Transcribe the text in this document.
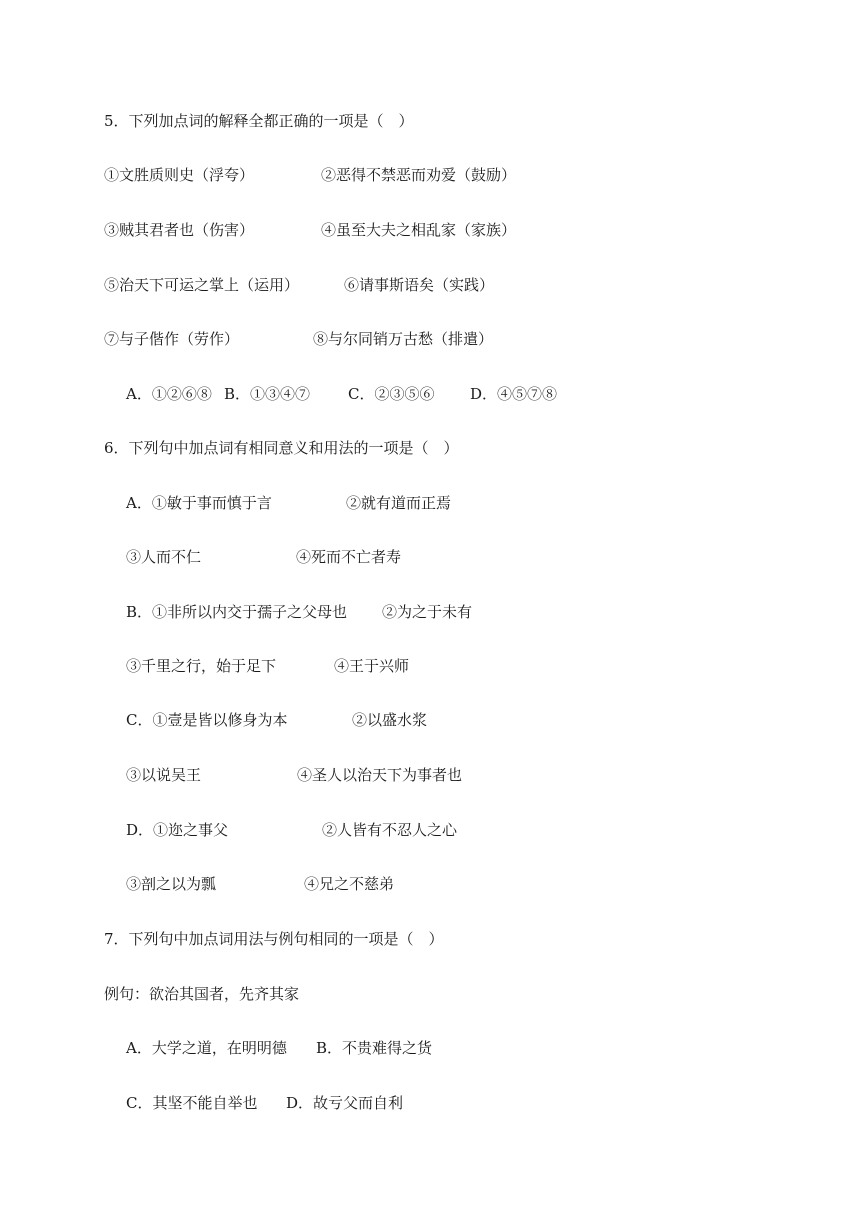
5．下列加点词的解释全都正确的一项是（　）
①文胜质则史（浮夸）	②恶得不禁恶而劝爱（鼓励）
③贼其君者也（伤害）	④虽至大夫之相乱家（家族）
⑤治天下可运之掌上（运用）	⑥请事斯语矣（实践）
⑦与子偕作（劳作）	⑧与尔同销万古愁（排遣）
A．①②⑥⑧ B．①③④⑦	C．②③⑤⑥ D．④⑤⑦⑧
6．下列句中加点词有相同意义和用法的一项是（　）
A．①敏于事而慎于言	②就有道而正焉
③人而不仁	④死而不亡者寿
B．①非所以内交于孺子之父母也 ②为之于未有
③千里之行，始于足下	④王于兴师
C．①壹是皆以修身为本	②以盛水浆
③以说吴王	④圣人以治天下为事者也
D．①迩之事父	②人皆有不忍人之心
③剖之以为瓢	④兄之不慈弟
7．下列句中加点词用法与例句相同的一项是（　）
例句：欲治其国者，先齐其家
A．大学之道，在明明德 B．不贵难得之货
C．其坚不能自举也 D．故亏父而自利
